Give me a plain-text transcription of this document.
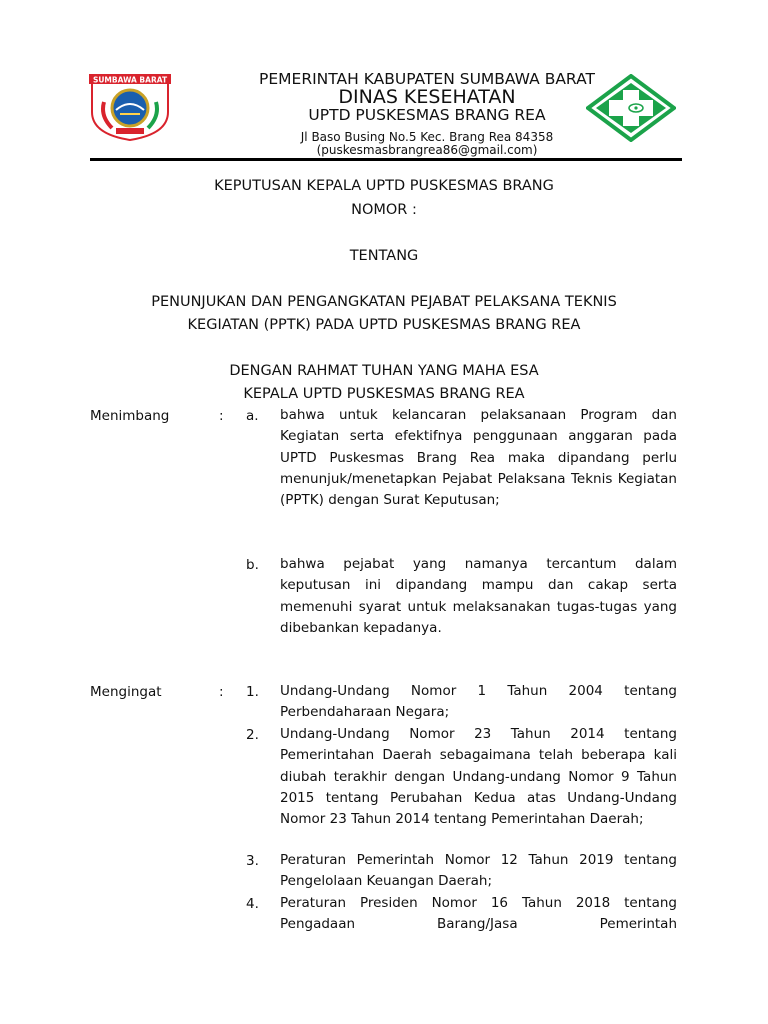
SUMBAWA BARAT	PEMERINTAH KABUPATEN SUMBAWA BARAT
DINAS KESEHATAN
UPTD PUSKESMAS BRANG REA
Jl Baso Busing No.5 Kec. Brang Rea 84358
(puskesmasbrangrea86@gmail.com)
KEPUTUSAN KEPALA UPTD PUSKESMAS BRANG
NOMOR :
TENTANG
PENUNJUKAN DAN PENGANGKATAN PEJABAT PELAKSANA TEKNIS
KEGIATAN (PPTK) PADA UPTD PUSKESMAS BRANG REA
DENGAN RAHMAT TUHAN YANG MAHA ESA
KEPALA UPTD PUSKESMAS BRANG REA
Menimbang	: a. bahwa untuk kelancaran pelaksanaan Program dan Kegiatan serta efektifnya penggunaan anggaran pada UPTD Puskesmas Brang Rea maka dipandang perlu menunjuk/menetapkan Pejabat Pelaksana Teknis Kegiatan (PPTK) dengan Surat Keputusan;
b. bahwa pejabat yang namanya tercantum dalam keputusan ini dipandang mampu dan cakap serta memenuhi syarat untuk melaksanakan tugas-tugas yang dibebankan kepadanya.
Mengingat	: 1. Undang-Undang Nomor 1 Tahun 2004 tentang Perbendaharaan Negara;
2. Undang-Undang Nomor 23 Tahun 2014 tentang Pemerintahan Daerah sebagaimana telah beberapa kali diubah terakhir dengan Undang-undang Nomor 9 Tahun 2015 tentang Perubahan Kedua atas Undang-Undang Nomor 23 Tahun 2014 tentang Pemerintahan Daerah;
3. Peraturan Pemerintah Nomor 12 Tahun 2019 tentang Pengelolaan Keuangan Daerah;
4. Peraturan Presiden Nomor 16 Tahun 2018 tentang Pengadaan Barang/Jasa Pemerintah
